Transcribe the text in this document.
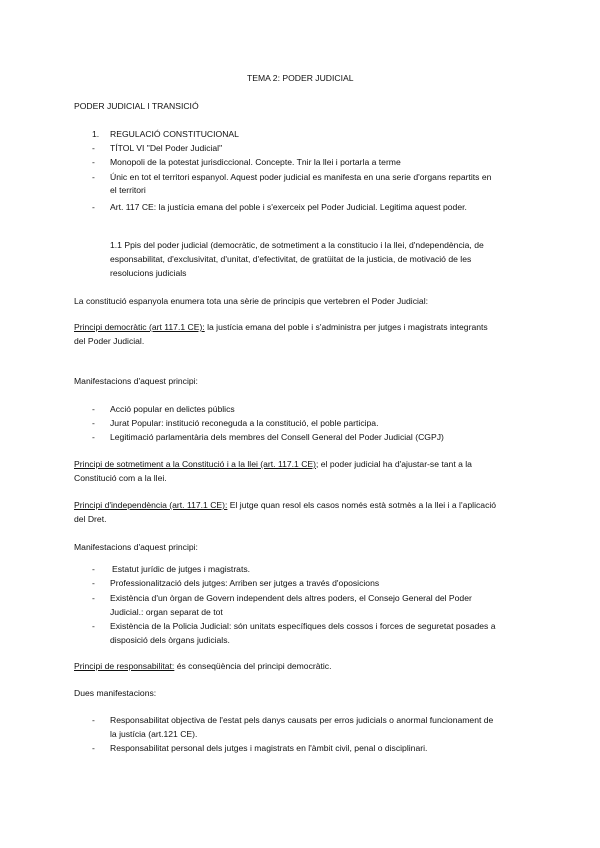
TEMA 2: PODER JUDICIAL
PODER JUDICIAL I TRANSICIÓ
1. REGULACIÓ CONSTITUCIONAL
- TÍTOL VI "Del Poder Judicial"
- Monopoli de la potestat jurisdiccional. Concepte. Tnir la llei i portarla a terme
- Únic en tot el territori espanyol. Aquest poder judicial es manifesta en una serie d'organs repartits en
el territori
- Art. 117 CE: la justícia emana del poble i s'exerceix pel Poder Judicial. Legitima aquest poder.
1.1 Ppis del poder judicial (democràtic, de sotmetiment a la constitucio i la llei, d'ndependència, de
esponsabilitat, d'exclusivitat, d'unitat, d'efectivitat, de gratüitat de la justicia, de motivació de les
resolucions judicials
La constitució espanyola enumera tota una sèrie de principis que vertebren el Poder Judicial:
Principi democràtic (art 117.1 CE): la justícia emana del poble i s'administra per jutges i magistrats integrants
del Poder Judicial.
Manifestacions d'aquest principi:
- Acció popular en delictes públics
- Jurat Popular: institució reconeguda a la constitució, el poble participa.
- Legitimació parlamentària dels membres del Consell General del Poder Judicial (CGPJ)
Principi de sotmetiment a la Constitució i a la llei (art. 117.1 CE); el poder judicial ha d'ajustar-se tant a la
Constitució com a la llei.
Principi d'independència (art. 117.1 CE): El jutge quan resol els casos només està sotmès a la llei i a l'aplicació
del Dret.
Manifestacions d'aquest principi:
- Estatut jurídic de jutges i magistrats.
- Professionalització dels jutges: Arriben ser jutges a través d'oposicions
- Existència d'un òrgan de Govern independent dels altres poders, el Consejo General del Poder
Judicial.: organ separat de tot
- Existència de la Policia Judicial: són unitats específiques dels cossos i forces de seguretat posades a
disposició dels òrgans judicials.
Principi de responsabilitat: és conseqüència del principi democràtic.
Dues manifestacions:
- Responsabilitat objectiva de l'estat pels danys causats per erros judicials o anormal funcionament de
la justícia (art.121 CE).
- Responsabilitat personal dels jutges i magistrats en l'àmbit civil, penal o disciplinari.
